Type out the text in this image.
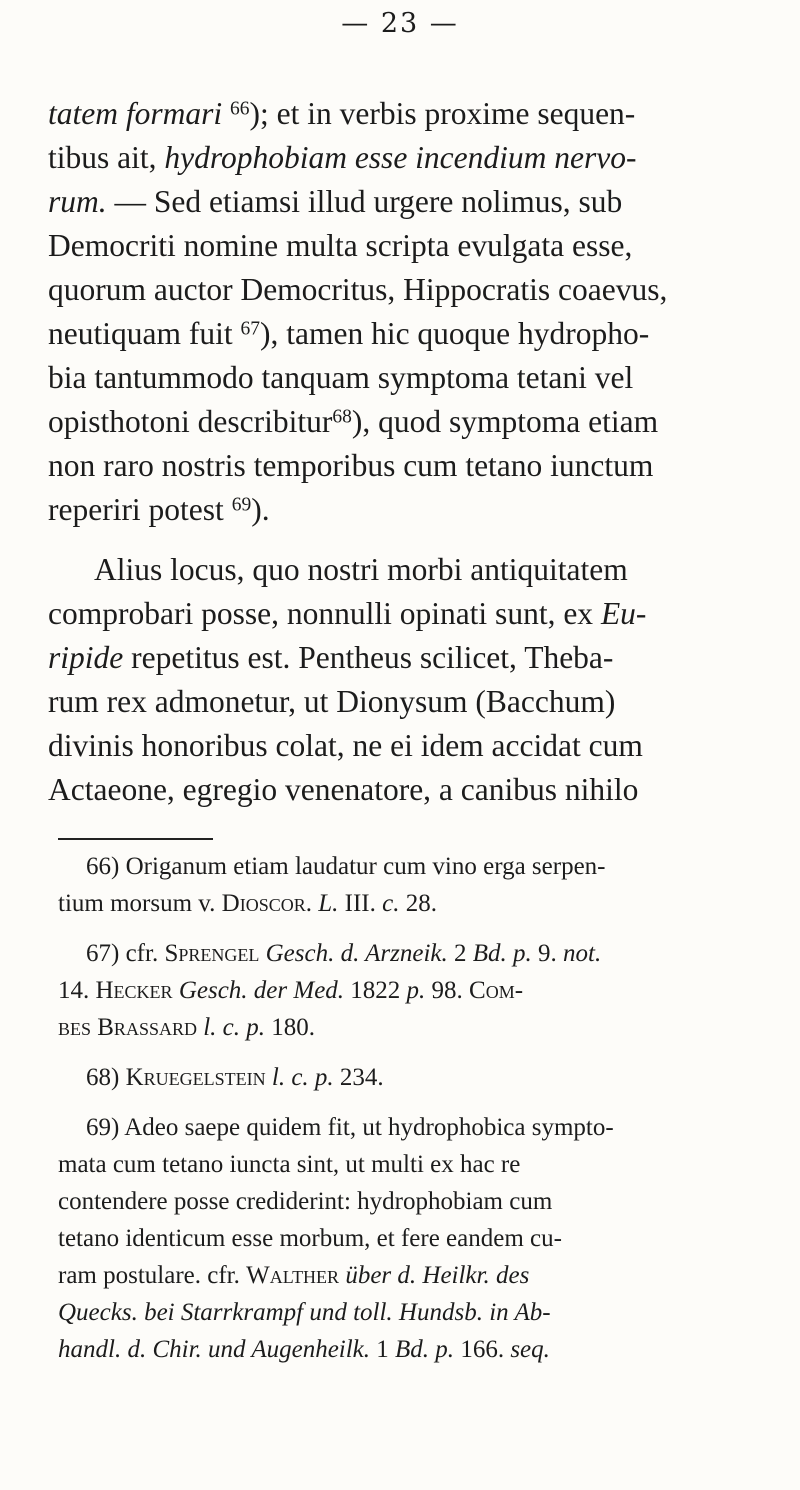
— 23 —
tatem formari $^{66}$); et in verbis proxime sequen-
tibus ait, hydrophobiam esse incendium nervo-
rum. — Sed etiamsi illud urgere nolimus, sub
Democriti nomine multa scripta evulgata esse,
quorum auctor Democritus, Hippocratis coaevus,
neutiquam fuit $^{67}$), tamen hic quoque hydropho-
bia tantummodo tanquam symptoma tetani vel
opisthotoni describitur$^{68}$), quod symptoma etiam
non raro nostris temporibus cum tetano iunctum
reperiri potest $^{69}$).
Alius locus, quo nostri morbi antiquitatem
comprobari posse, nonnulli opinati sunt, ex Eu-
ripide repetitus est. Pentheus scilicet, Theba-
rum rex admonetur, ut Dionysum (Bacchum)
divinis honoribus colat, ne ei idem accidat cum
Actaeone, egregio venenatore, a canibus nihilo
66) Origanum etiam laudatur cum vino erga serpen-
tium morsum v. Dioscor. L. III. c. 28.
67) cfr. Sprengel Gesch. d. Arzneik. 2 Bd. p. 9. not.
14. Hecker Gesch. der Med. 1822 p. 98. Com-
bes Brassard l. c. p. 180.
68) Kruegelstein l. c. p. 234.
69) Adeo saepe quidem fit, ut hydrophobica sympto-
mata cum tetano iuncta sint, ut multi ex hac re
contendere posse crediderint: hydrophobiam cum
tetano identicum esse morbum, et fere eandem cu-
ram postulare. cfr. Walther über d. Heilkr. des
Quecks. bei Starrkrampf und toll. Hundsb. in Ab-
handl. d. Chir. und Augenheilk. 1 Bd. p. 166. seq.
